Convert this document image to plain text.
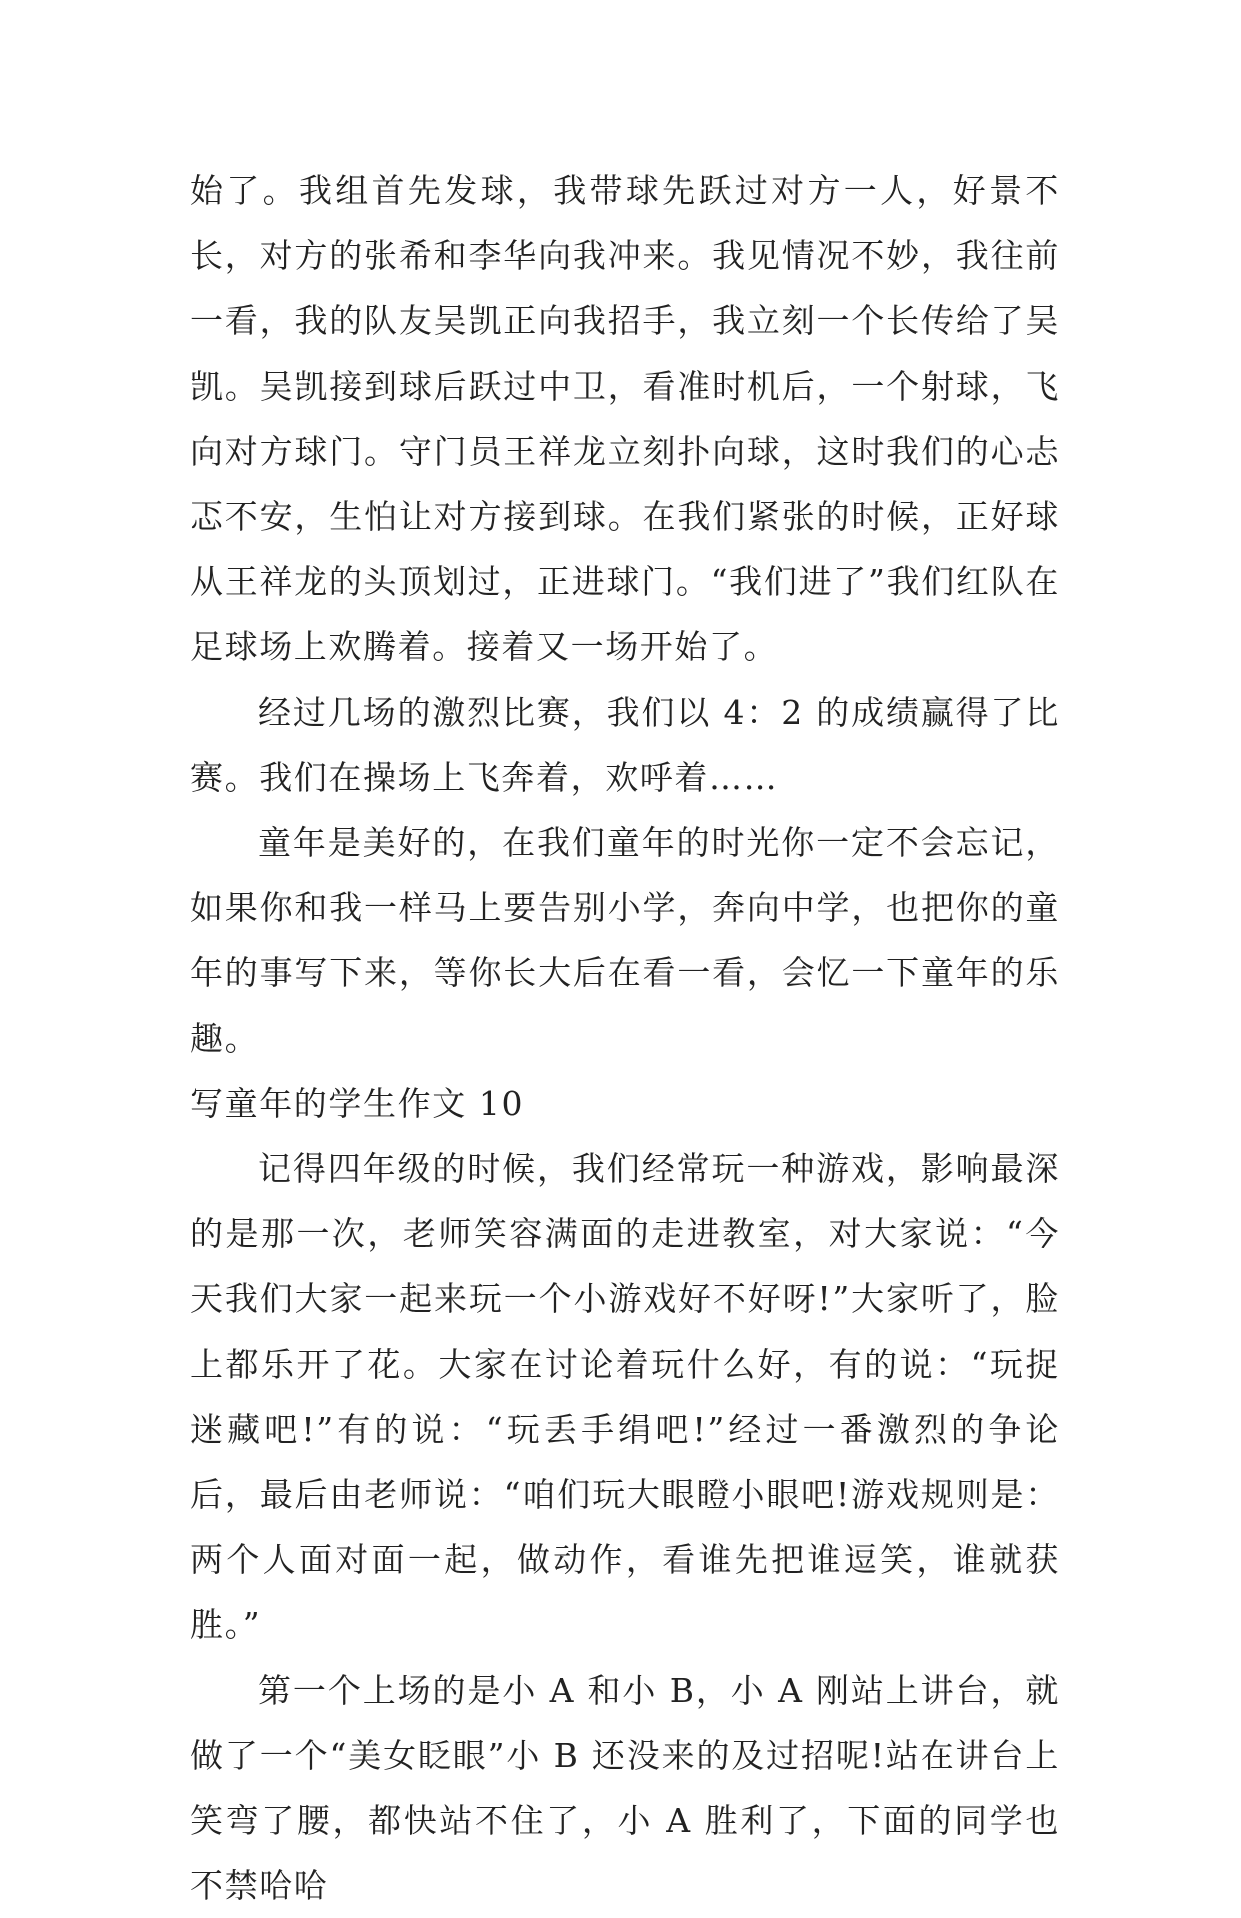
始了。我组首先发球，我带球先跃过对方一人，好景不长，对方的张希和李华向我冲来。我见情况不妙，我往前一看，我的队友吴凯正向我招手，我立刻一个长传给了吴凯。吴凯接到球后跃过中卫，看准时机后，一个射球，飞向对方球门。守门员王祥龙立刻扑向球，这时我们的心忐忑不安，生怕让对方接到球。在我们紧张的时候，正好球从王祥龙的头顶划过，正进球门。“我们进了”我们红队在足球场上欢腾着。接着又一场开始了。

经过几场的激烈比赛，我们以 4：2 的成绩赢得了比赛。我们在操场上飞奔着，欢呼着……

童年是美好的，在我们童年的时光你一定不会忘记，如果你和我一样马上要告别小学，奔向中学，也把你的童年的事写下来，等你长大后在看一看，会忆一下童年的乐趣。

写童年的学生作文 10

记得四年级的时候，我们经常玩一种游戏，影响最深的是那一次，老师笑容满面的走进教室，对大家说：“今天我们大家一起来玩一个小游戏好不好呀!”大家听了，脸上都乐开了花。大家在讨论着玩什么好，有的说：“玩捉迷藏吧!”有的说：“玩丢手绢吧!”经过一番激烈的争论后，最后由老师说：“咱们玩大眼瞪小眼吧!游戏规则是：两个人面对面一起，做动作，看谁先把谁逗笑，谁就获胜。”

第一个上场的是小 A 和小 B，小 A 刚站上讲台，就做了一个“美女眨眼”小 B 还没来的及过招呢!站在讲台上笑弯了腰，都快站不住了，小 A 胜利了，下面的同学也不禁哈哈
